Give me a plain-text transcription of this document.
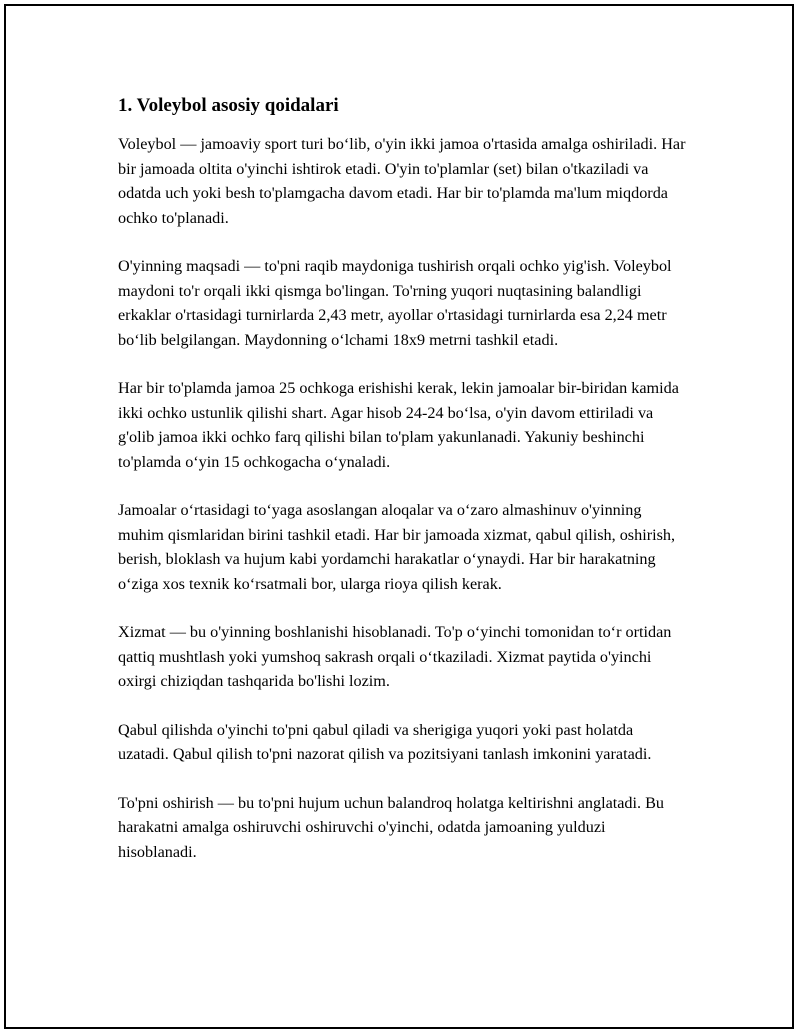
1. Voleybol asosiy qoidalari

Voleybol — jamoaviy sport turi bo‘lib, o'yin ikki jamoa o'rtasida amalga oshiriladi. Har bir jamoada oltita o'yinchi ishtirok etadi. O'yin to'plamlar (set) bilan o'tkaziladi va odatda uch yoki besh to'plamgacha davom etadi. Har bir to'plamda ma'lum miqdorda ochko to'planadi.

O'yinning maqsadi — to'pni raqib maydoniga tushirish orqali ochko yig'ish. Voleybol maydoni to'r orqali ikki qismga bo'lingan. To'rning yuqori nuqtasining balandligi erkaklar o'rtasidagi turnirlarda 2,43 metr, ayollar o'rtasidagi turnirlarda esa 2,24 metr bo‘lib belgilangan. Maydonning o‘lchami 18x9 metrni tashkil etadi.

Har bir to'plamda jamoa 25 ochkoga erishishi kerak, lekin jamoalar bir-biridan kamida ikki ochko ustunlik qilishi shart. Agar hisob 24-24 bo‘lsa, o'yin davom ettiriladi va g'olib jamoa ikki ochko farq qilishi bilan to'plam yakunlanadi. Yakuniy beshinchi to'plamda o‘yin 15 ochkogacha o‘ynaladi.

Jamoalar o‘rtasidagi to‘yaga asoslangan aloqalar va o‘zaro almashinuv o'yinning muhim qismlaridan birini tashkil etadi. Har bir jamoada xizmat, qabul qilish, oshirish, berish, bloklash va hujum kabi yordamchi harakatlar o‘ynaydi. Har bir harakatning o‘ziga xos texnik ko‘rsatmali bor, ularga rioya qilish kerak.

Xizmat — bu o'yinning boshlanishi hisoblanadi. To'p o‘yinchi tomonidan to‘r ortidan qattiq mushtlash yoki yumshoq sakrash orqali o‘tkaziladi. Xizmat paytida o'yinchi oxirgi chiziqdan tashqarida bo'lishi lozim.

Qabul qilishda o'yinchi to'pni qabul qiladi va sherigiga yuqori yoki past holatda uzatadi. Qabul qilish to'pni nazorat qilish va pozitsiyani tanlash imkonini yaratadi.

To'pni oshirish — bu to'pni hujum uchun balandroq holatga keltirishni anglatadi. Bu harakatni amalga oshiruvchi oshiruvchi o'yinchi, odatda jamoaning yulduzi hisoblanadi.
